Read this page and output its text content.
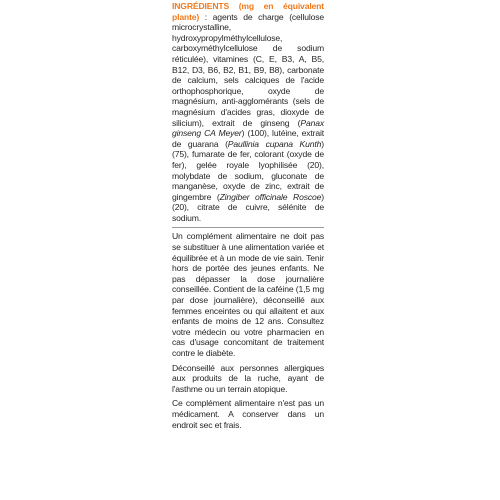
INGRÉDIENTS (mg en équivalent plante) : agents de charge (cellulose microcrystalline, hydroxypropylméthylcellulose, carboxyméthylcellulose de sodium réticulée), vitamines (C, E, B3, A, B5, B12, D3, B6, B2, B1, B9, B8), carbonate de calcium, sels calciques de l'acide orthophosphorique, oxyde de magnésium, anti-agglomérants (sels de magnésium d'acides gras, dioxyde de silicium), extrait de ginseng (Panax ginseng CA Meyer) (100), lutéine, extrait de guarana (Paullinia cupana Kunth) (75), fumarate de fer, colorant (oxyde de fer), gelée royale lyophilisée (20), molybdate de sodium, gluconate de manganèse, oxyde de zinc, extrait de gingembre (Zingiber officinale Roscoe) (20), citrate de cuivre, sélénite de sodium.

Un complément alimentaire ne doit pas se substituer à une alimentation variée et équilibrée et à un mode de vie sain. Tenir hors de portée des jeunes enfants. Ne pas dépasser la dose journalière conseillée. Contient de la caféine (1,5 mg par dose journalière), déconseillé aux femmes enceintes ou qui allaitent et aux enfants de moins de 12 ans. Consultez votre médecin ou votre pharmacien en cas d'usage concomitant de traitement contre le diabète.

Déconseillé aux personnes allergiques aux produits de la ruche, ayant de l'asthme ou un terrain atopique.

Ce complément alimentaire n'est pas un médicament. A conserver dans un endroit sec et frais.
